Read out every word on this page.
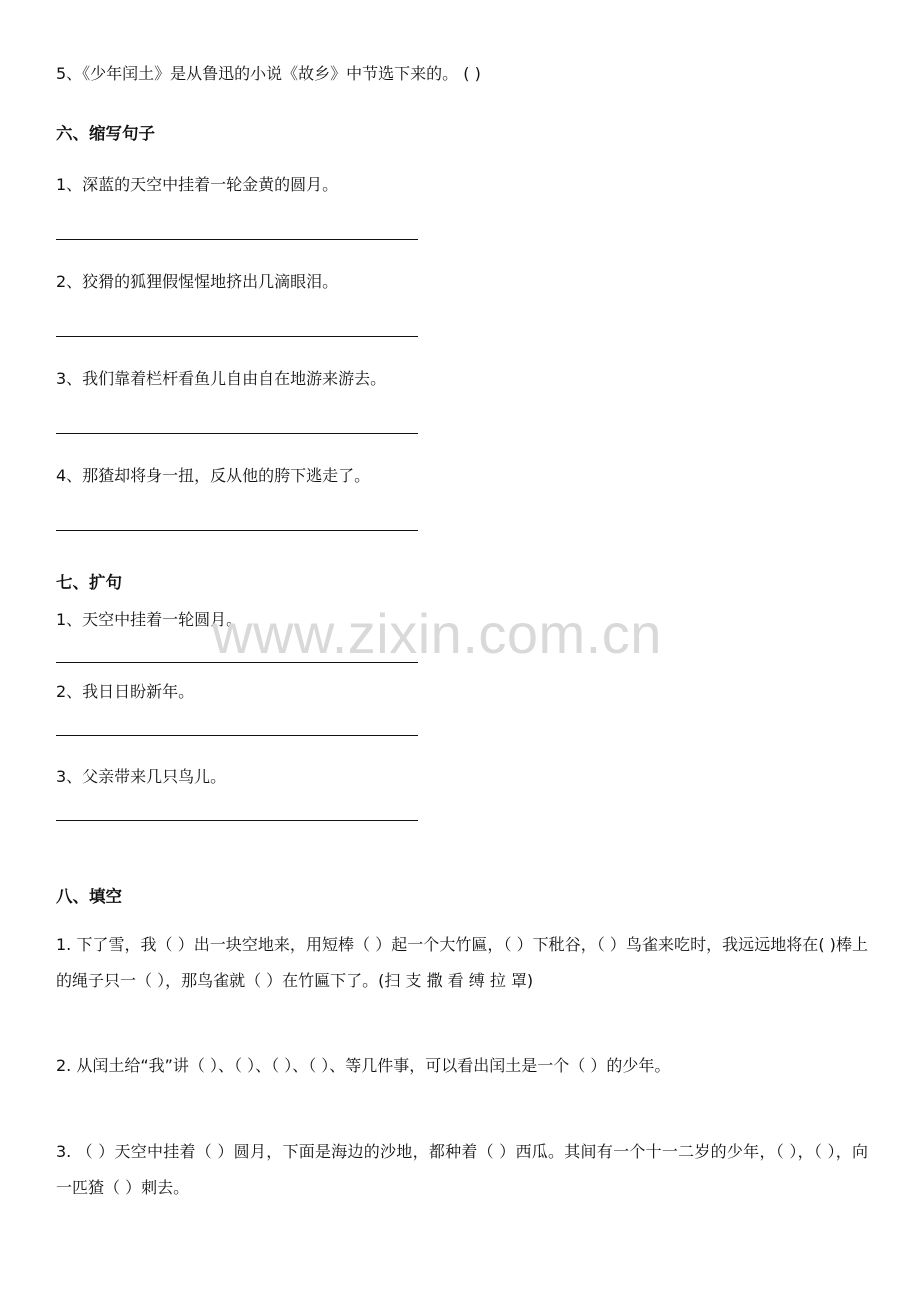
5、《少年闰土》是从鲁迅的小说《故乡》中节选下来的。 ( )
六、缩写句子
1、深蓝的天空中挂着一轮金黄的圆月。
2、狡猾的狐狸假惺惺地挤出几滴眼泪。
3、我们靠着栏杆看鱼儿自由自在地游来游去。
4、那猹却将身一扭，反从他的胯下逃走了。
七、扩句
1、天空中挂着一轮圆月。
2、我日日盼新年。
3、父亲带来几只鸟儿。
八、填空
1. 下了雪，我（ ）出一块空地来，用短棒（ ）起一个大竹匾，（ ）下秕谷，（ ）鸟雀来吃时，我远远地将在( )棒上的绳子只一（ ），那鸟雀就（ ）在竹匾下了。(扫 支 撒 看 缚 拉 罩)
2. 从闰土给“我”讲（ ）、（ ）、（ ）、（ ）、等几件事，可以看出闰土是一个（ ）的少年。
3. （ ）天空中挂着（ ）圆月，下面是海边的沙地，都种着（ ）西瓜。其间有一个十一二岁的少年，（ ），（ ），向一匹猹（ ）刺去。
www.zixin.com.cn
